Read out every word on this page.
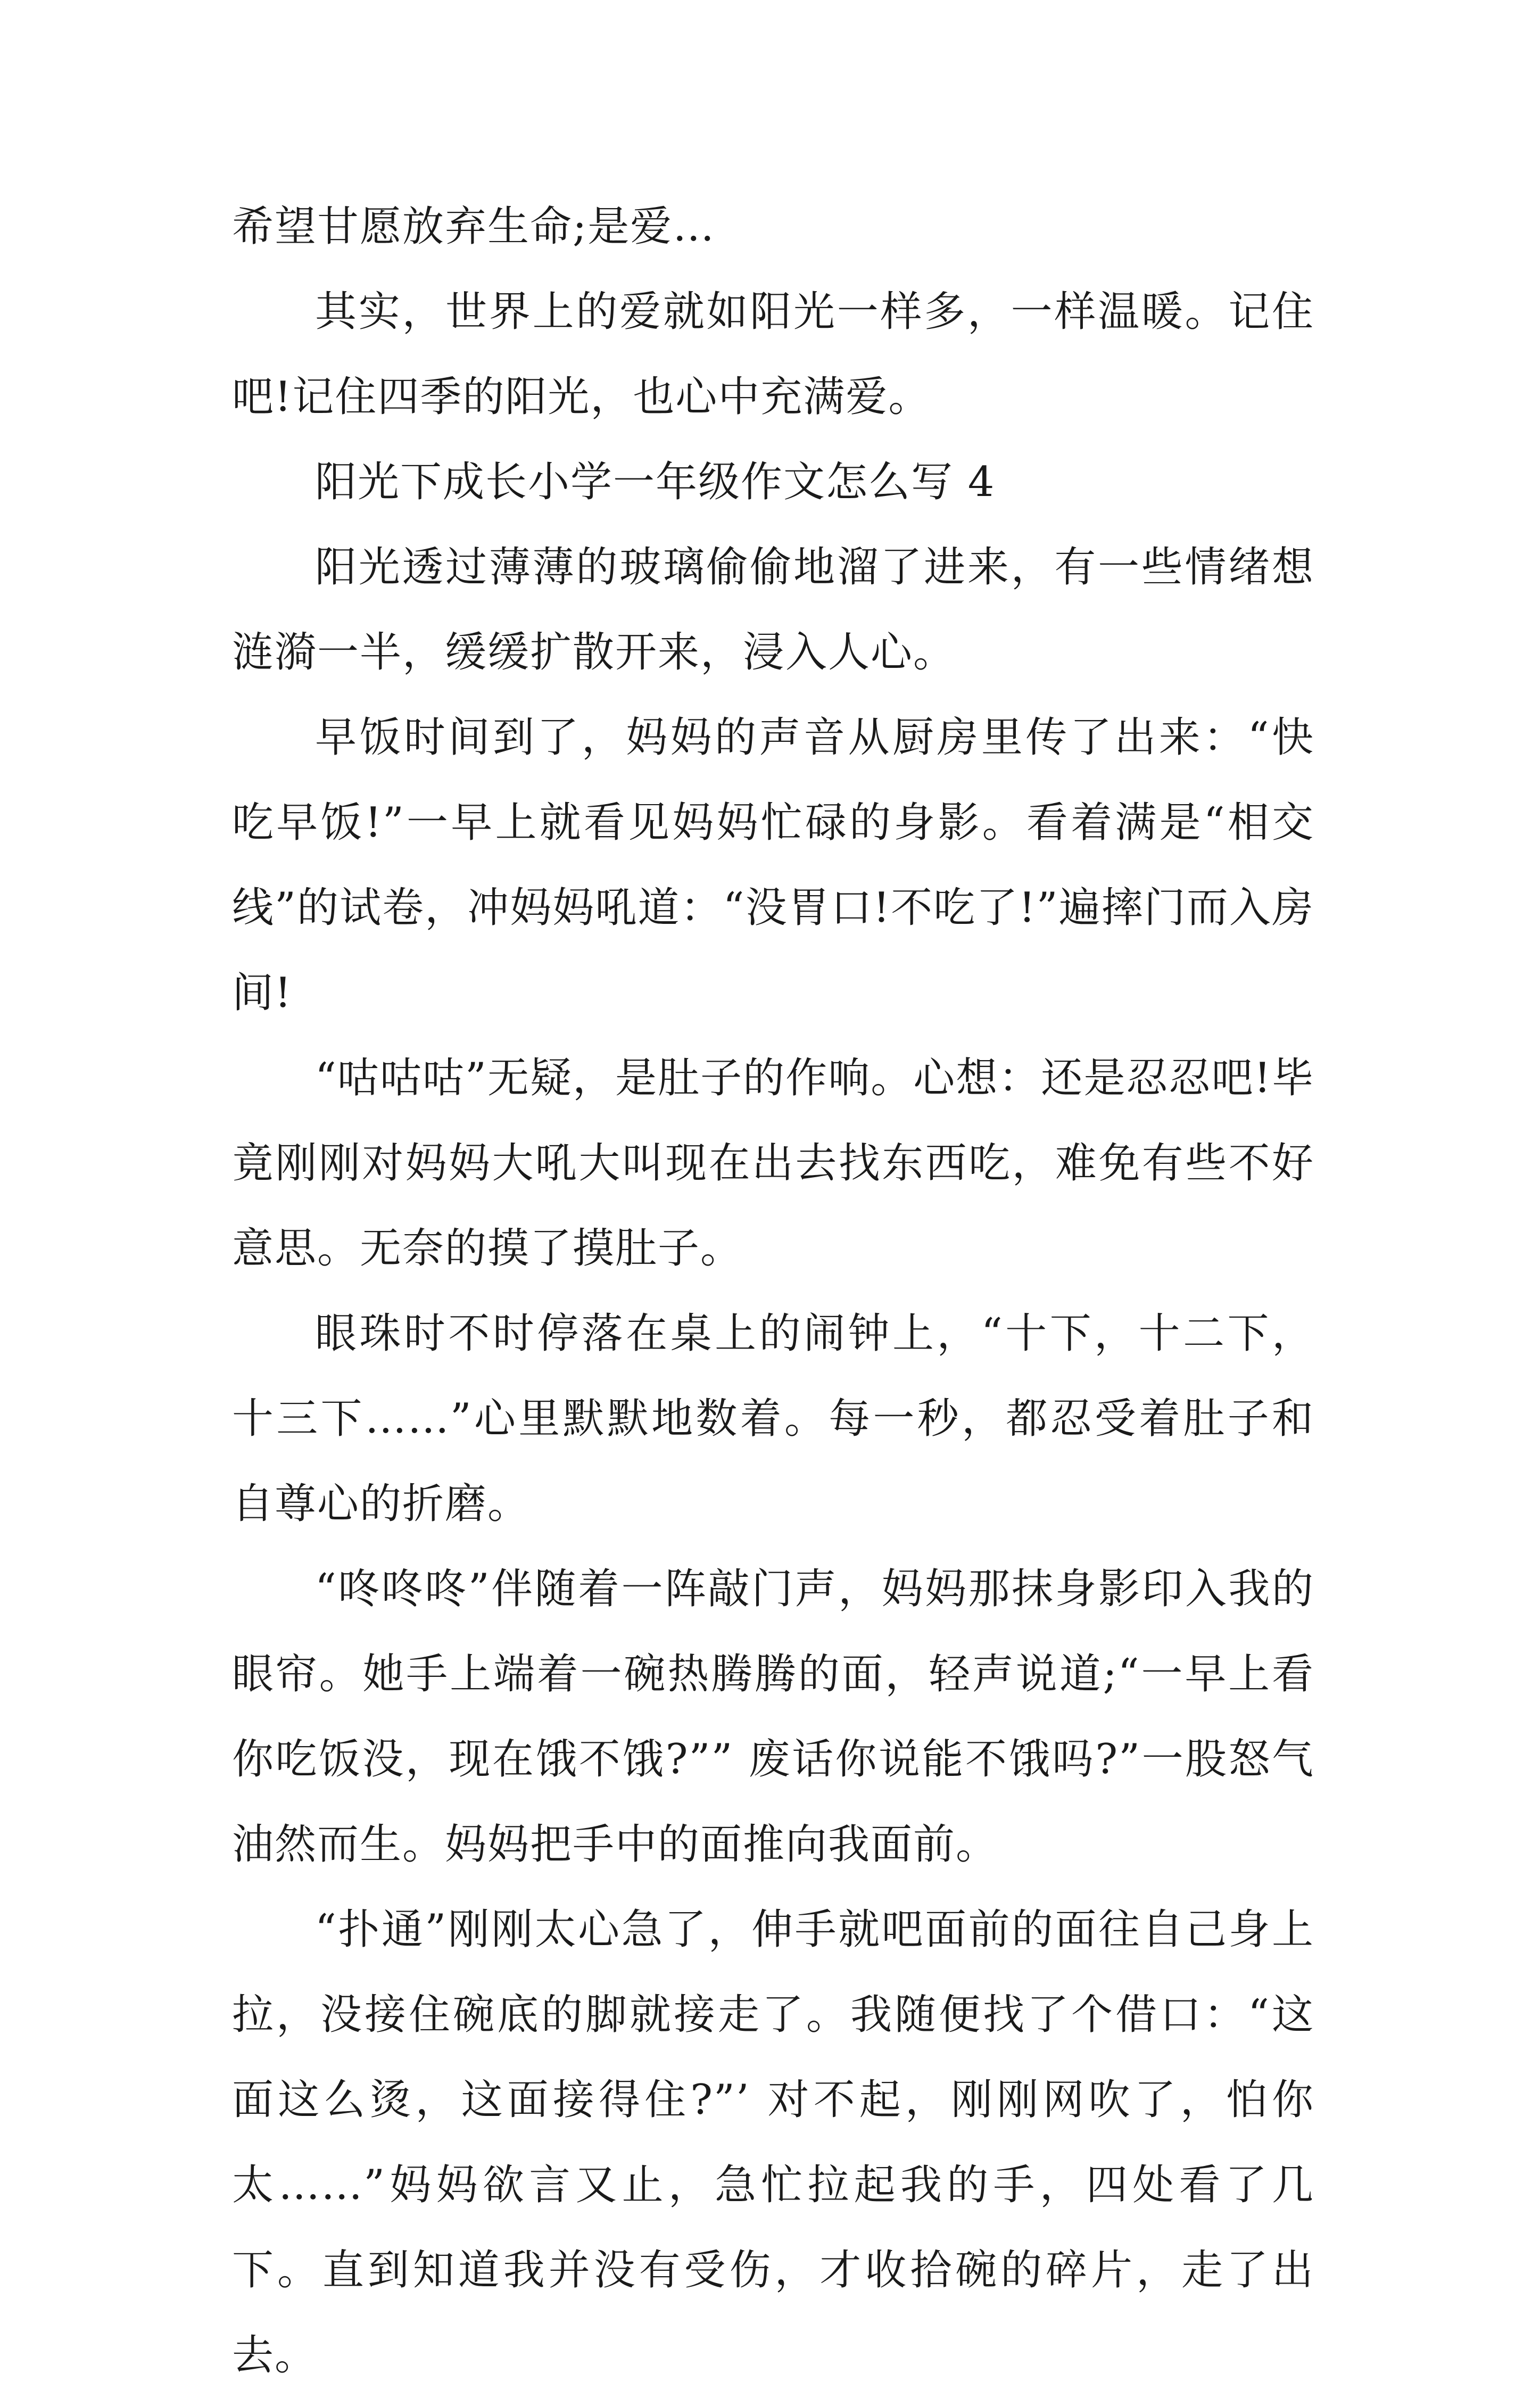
希望甘愿放弃生命;是爱…

其实，世界上的爱就如阳光一样多，一样温暖。记住吧!记住四季的阳光，也心中充满爱。

阳光下成长小学一年级作文怎么写 4

阳光透过薄薄的玻璃偷偷地溜了进来，有一些情绪想涟漪一半，缓缓扩散开来，浸入人心。

早饭时间到了，妈妈的声音从厨房里传了出来：“快吃早饭!”一早上就看见妈妈忙碌的身影。看着满是“相交线”的试卷，冲妈妈吼道：“没胃口!不吃了!”遍摔门而入房间!

“咕咕咕”无疑，是肚子的作响。心想：还是忍忍吧!毕竟刚刚对妈妈大吼大叫现在出去找东西吃，难免有些不好意思。无奈的摸了摸肚子。

眼珠时不时停落在桌上的闹钟上，“十下，十二下，十三下……”心里默默地数着。每一秒，都忍受着肚子和自尊心的折磨。

“咚咚咚”伴随着一阵敲门声，妈妈那抹身影印入我的眼帘。她手上端着一碗热腾腾的面，轻声说道;“一早上看你吃饭没，现在饿不饿?”” 废话你说能不饿吗?”一股怒气油然而生。妈妈把手中的面推向我面前。

“扑通”刚刚太心急了，伸手就吧面前的面往自己身上拉，没接住碗底的脚就接走了。我随便找了个借口：“这面这么烫，这面接得住?”’ 对不起，刚刚网吹了，怕你太……”妈妈欲言又止，急忙拉起我的手，四处看了几下。直到知道我并没有受伤，才收拾碗的碎片，走了出去。
